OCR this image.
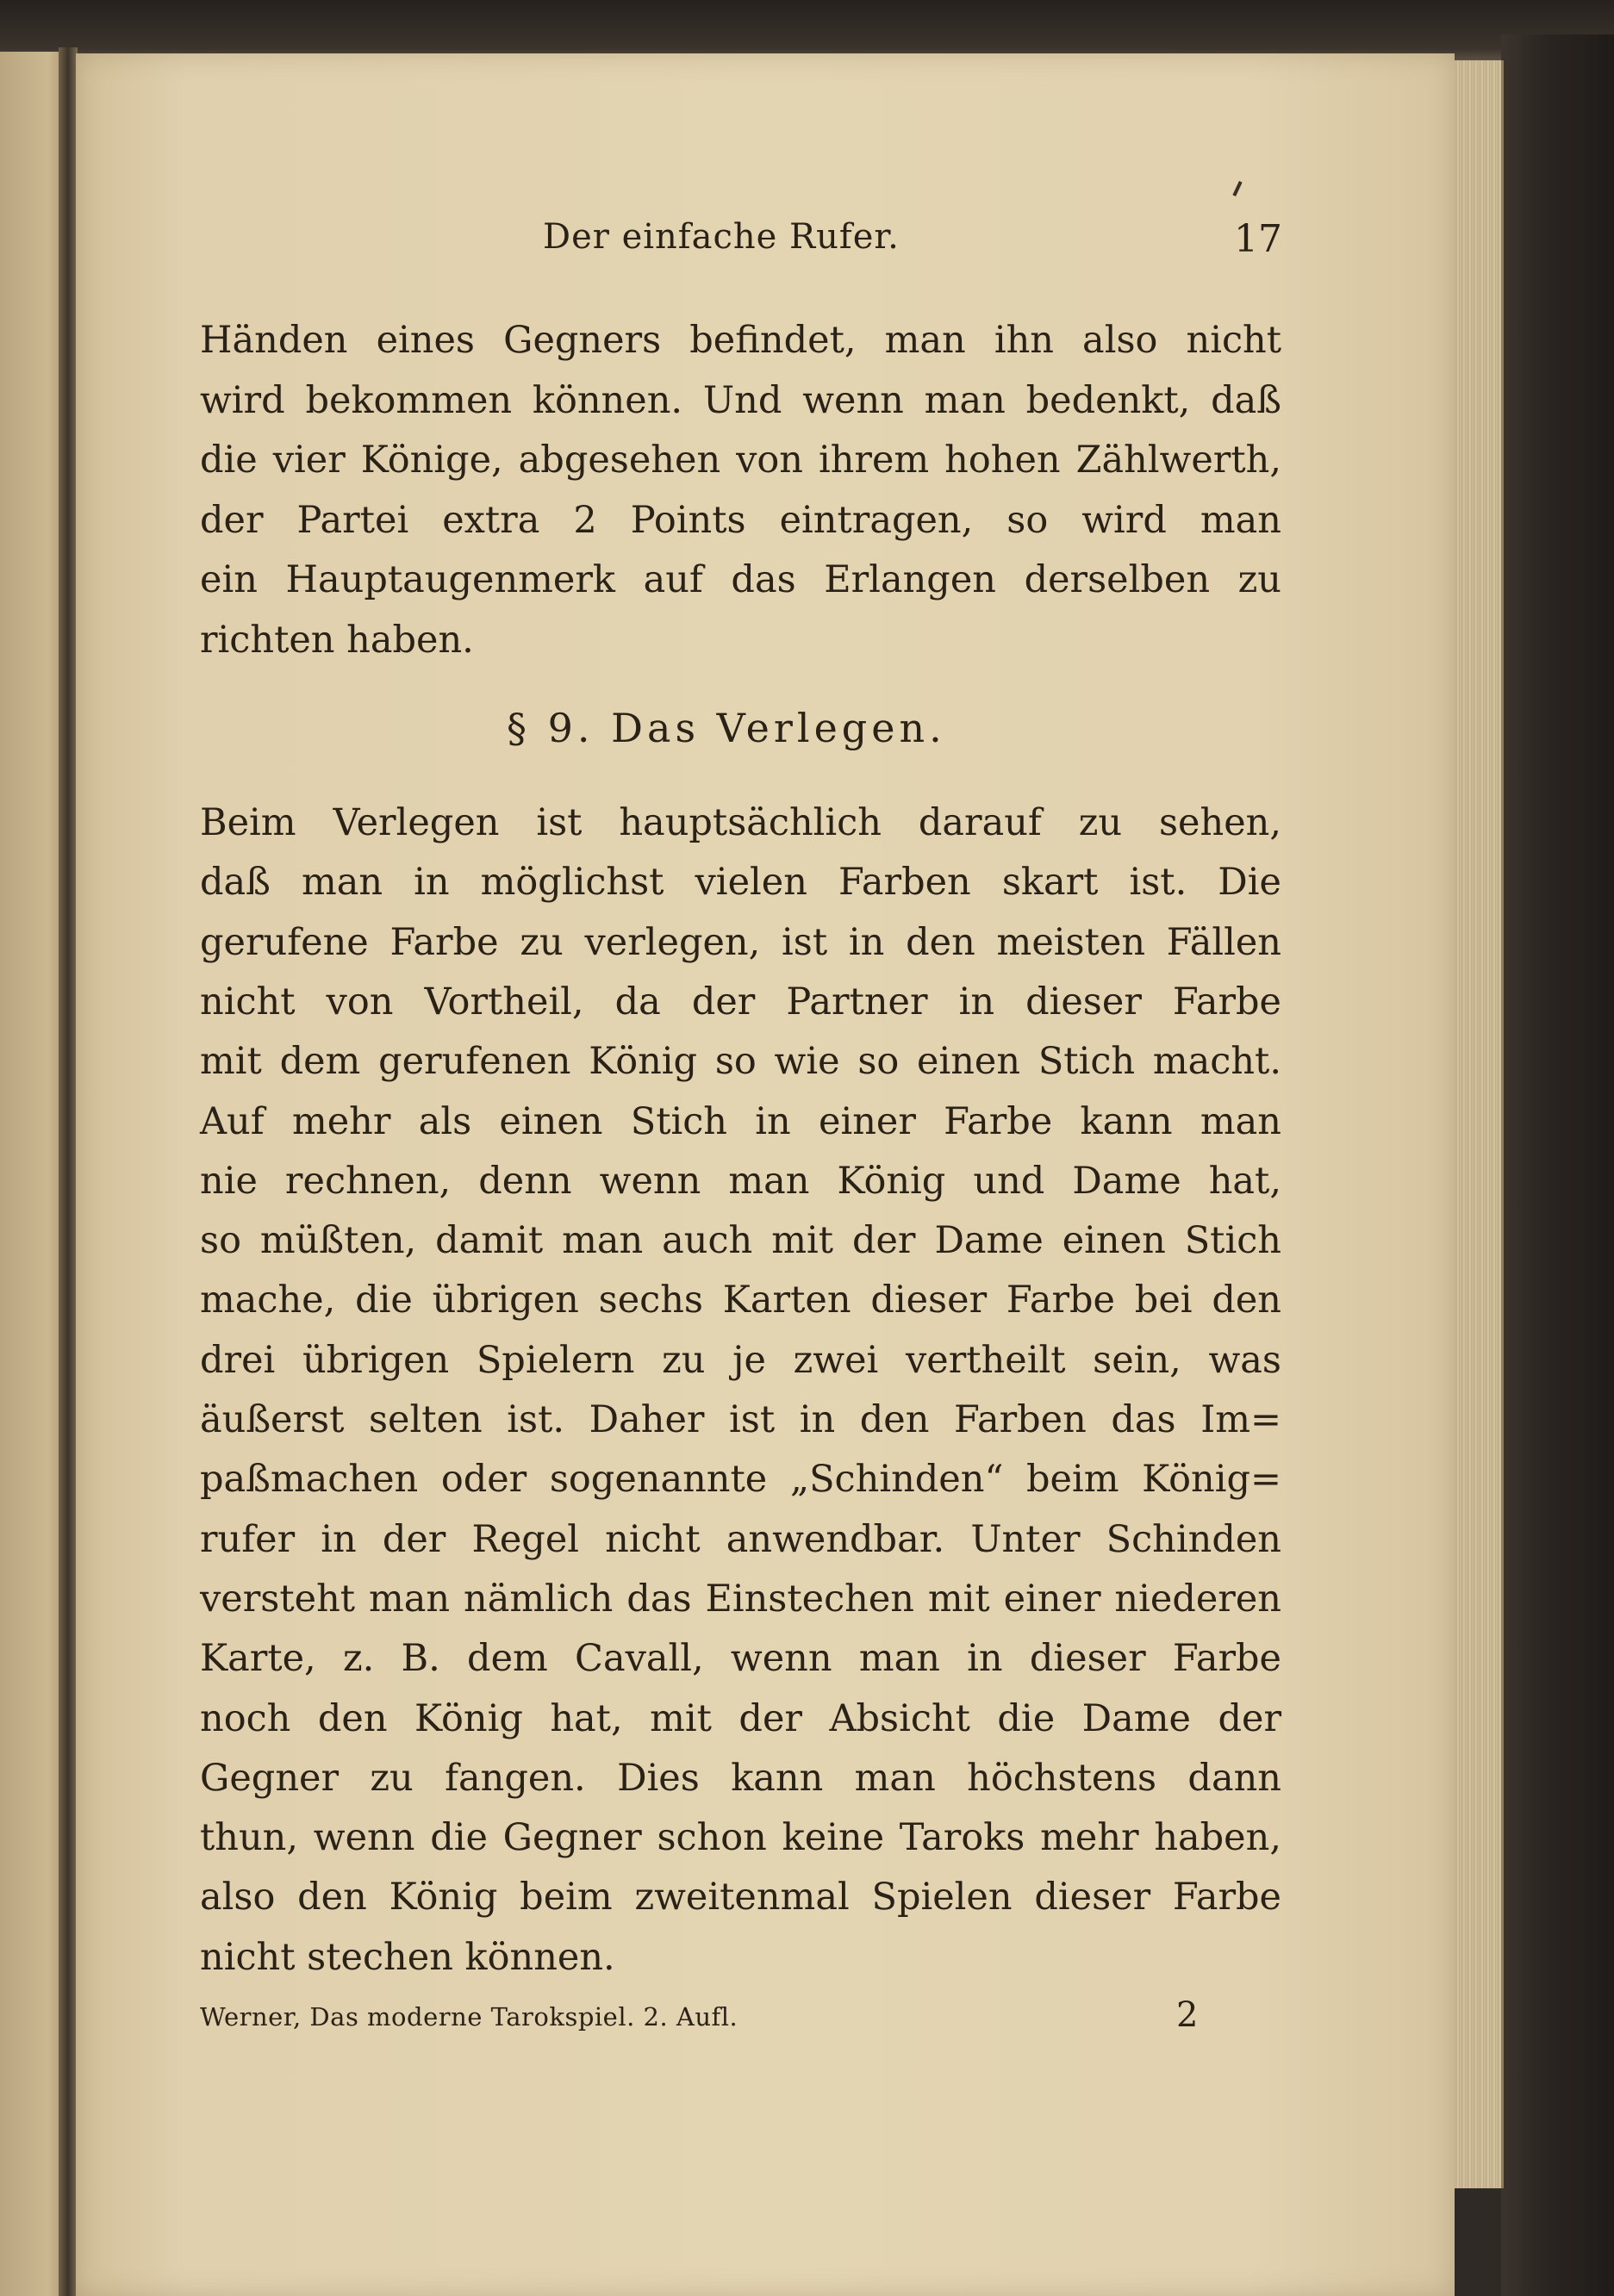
Der einfache Rufer.	17
Händen eines Gegners befindet, man ihn also nicht
wird bekommen können. Und wenn man bedenkt, daß
die vier Könige, abgesehen von ihrem hohen Zählwerth,
der Partei extra 2 Points eintragen, so wird man
ein Hauptaugenmerk auf das Erlangen derselben zu
richten haben.
§ 9. Das Verlegen.
Beim Verlegen ist hauptsächlich darauf zu sehen,
daß man in möglichst vielen Farben skart ist. Die
gerufene Farbe zu verlegen, ist in den meisten Fällen
nicht von Vortheil, da der Partner in dieser Farbe
mit dem gerufenen König so wie so einen Stich macht.
Auf mehr als einen Stich in einer Farbe kann man
nie rechnen, denn wenn man König und Dame hat,
so müßten, damit man auch mit der Dame einen Stich
mache, die übrigen sechs Karten dieser Farbe bei den
drei übrigen Spielern zu je zwei vertheilt sein, was
äußerst selten ist. Daher ist in den Farben das Im=
paßmachen oder sogenannte „Schinden“ beim König=
rufer in der Regel nicht anwendbar. Unter Schinden
versteht man nämlich das Einstechen mit einer niederen
Karte, z. B. dem Cavall, wenn man in dieser Farbe
noch den König hat, mit der Absicht die Dame der
Gegner zu fangen. Dies kann man höchstens dann
thun, wenn die Gegner schon keine Taroks mehr haben,
also den König beim zweitenmal Spielen dieser Farbe
nicht stechen können.
Werner, Das moderne Tarokspiel. 2. Aufl.	2
